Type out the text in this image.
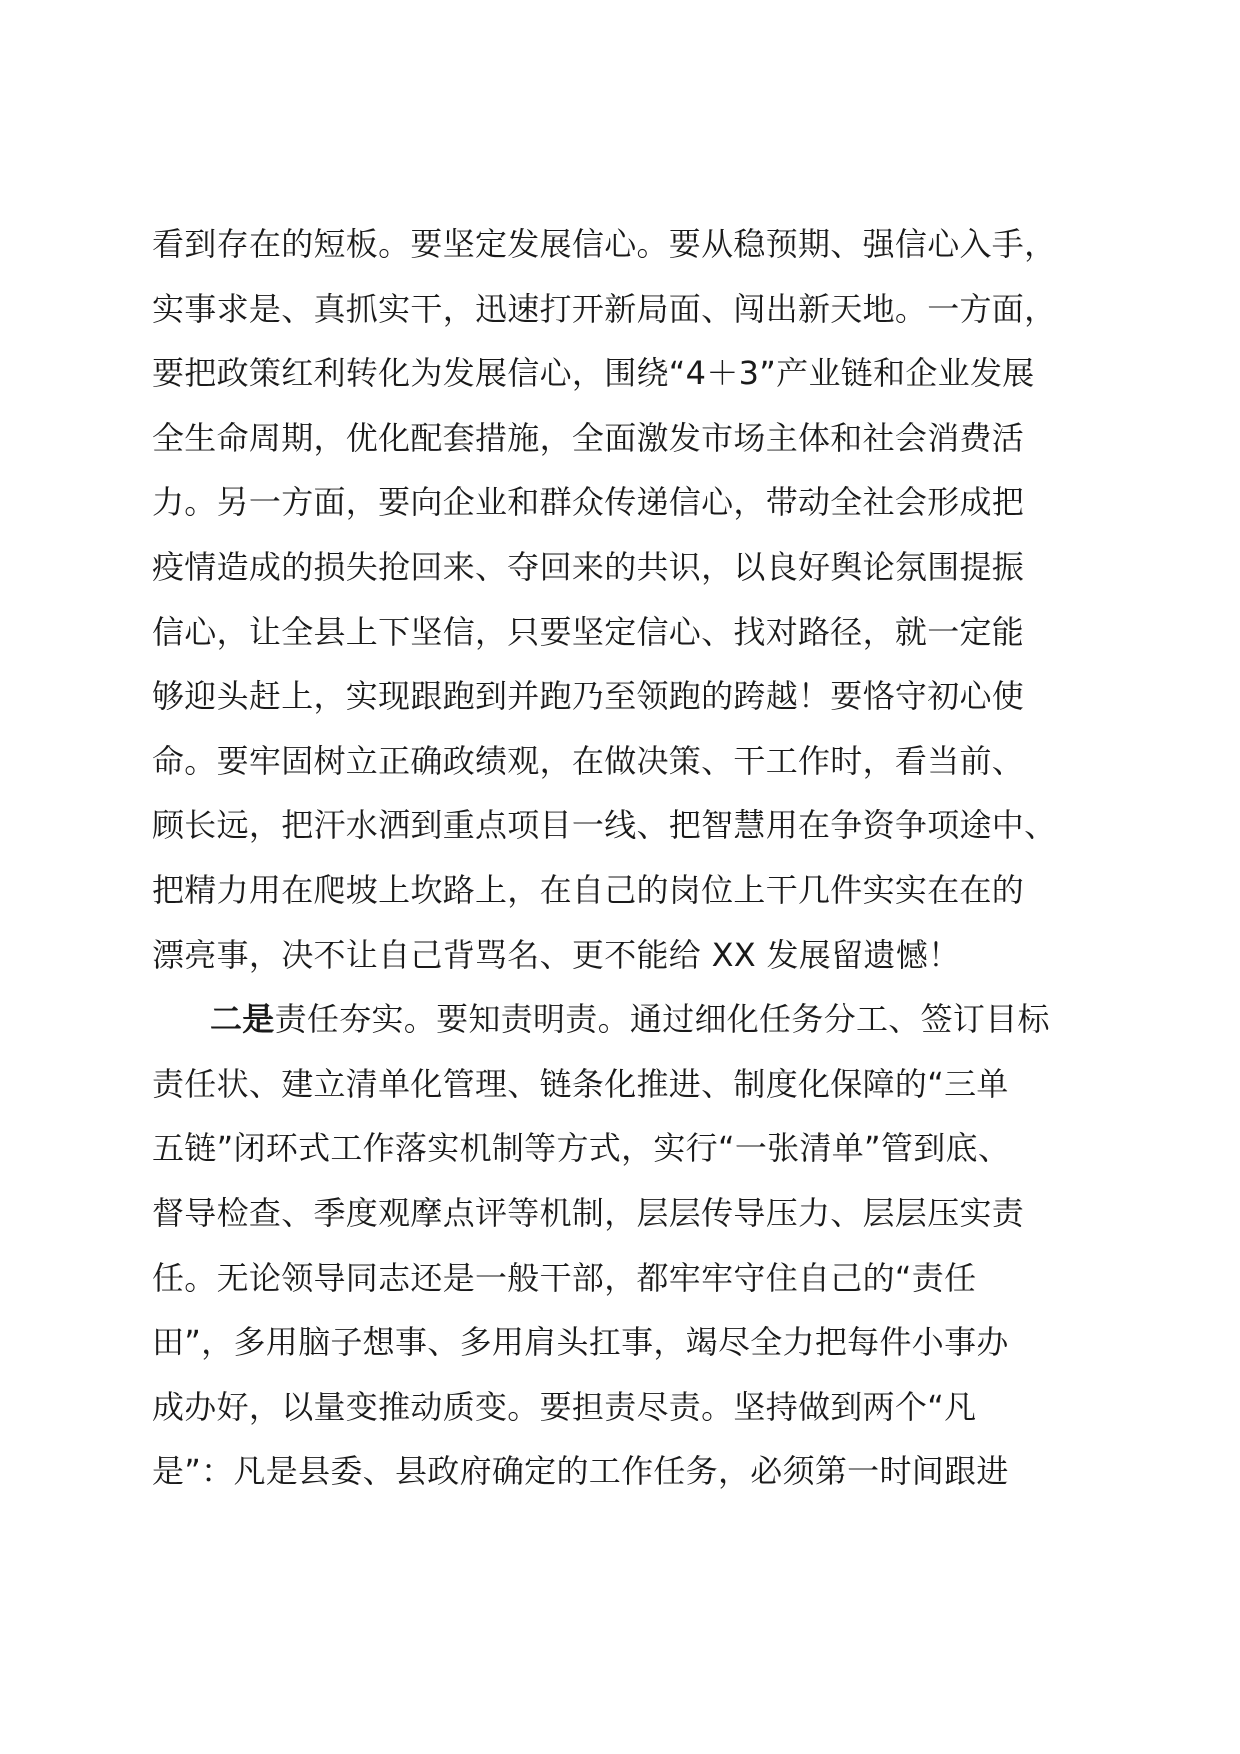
看到存在的短板。要坚定发展信心。要从稳预期、强信心入手，
实事求是、真抓实干，迅速打开新局面、闯出新天地。一方面，
要把政策红利转化为发展信心，围绕“4＋3”产业链和企业发展
全生命周期，优化配套措施，全面激发市场主体和社会消费活
力。另一方面，要向企业和群众传递信心，带动全社会形成把
疫情造成的损失抢回来、夺回来的共识，以良好舆论氛围提振
信心，让全县上下坚信，只要坚定信心、找对路径，就一定能
够迎头赶上，实现跟跑到并跑乃至领跑的跨越！要恪守初心使
命。要牢固树立正确政绩观，在做决策、干工作时，看当前、
顾长远，把汗水洒到重点项目一线、把智慧用在争资争项途中、
把精力用在爬坡上坎路上，在自己的岗位上干几件实实在在的
漂亮事，决不让自己背骂名、更不能给 XX 发展留遗憾！
二是责任夯实。要知责明责。通过细化任务分工、签订目标
责任状、建立清单化管理、链条化推进、制度化保障的“三单
五链”闭环式工作落实机制等方式，实行“一张清单”管到底、
督导检查、季度观摩点评等机制，层层传导压力、层层压实责
任。无论领导同志还是一般干部，都牢牢守住自己的“责任
田”，多用脑子想事、多用肩头扛事，竭尽全力把每件小事办
成办好，以量变推动质变。要担责尽责。坚持做到两个“凡
是”：凡是县委、县政府确定的工作任务，必须第一时间跟进
